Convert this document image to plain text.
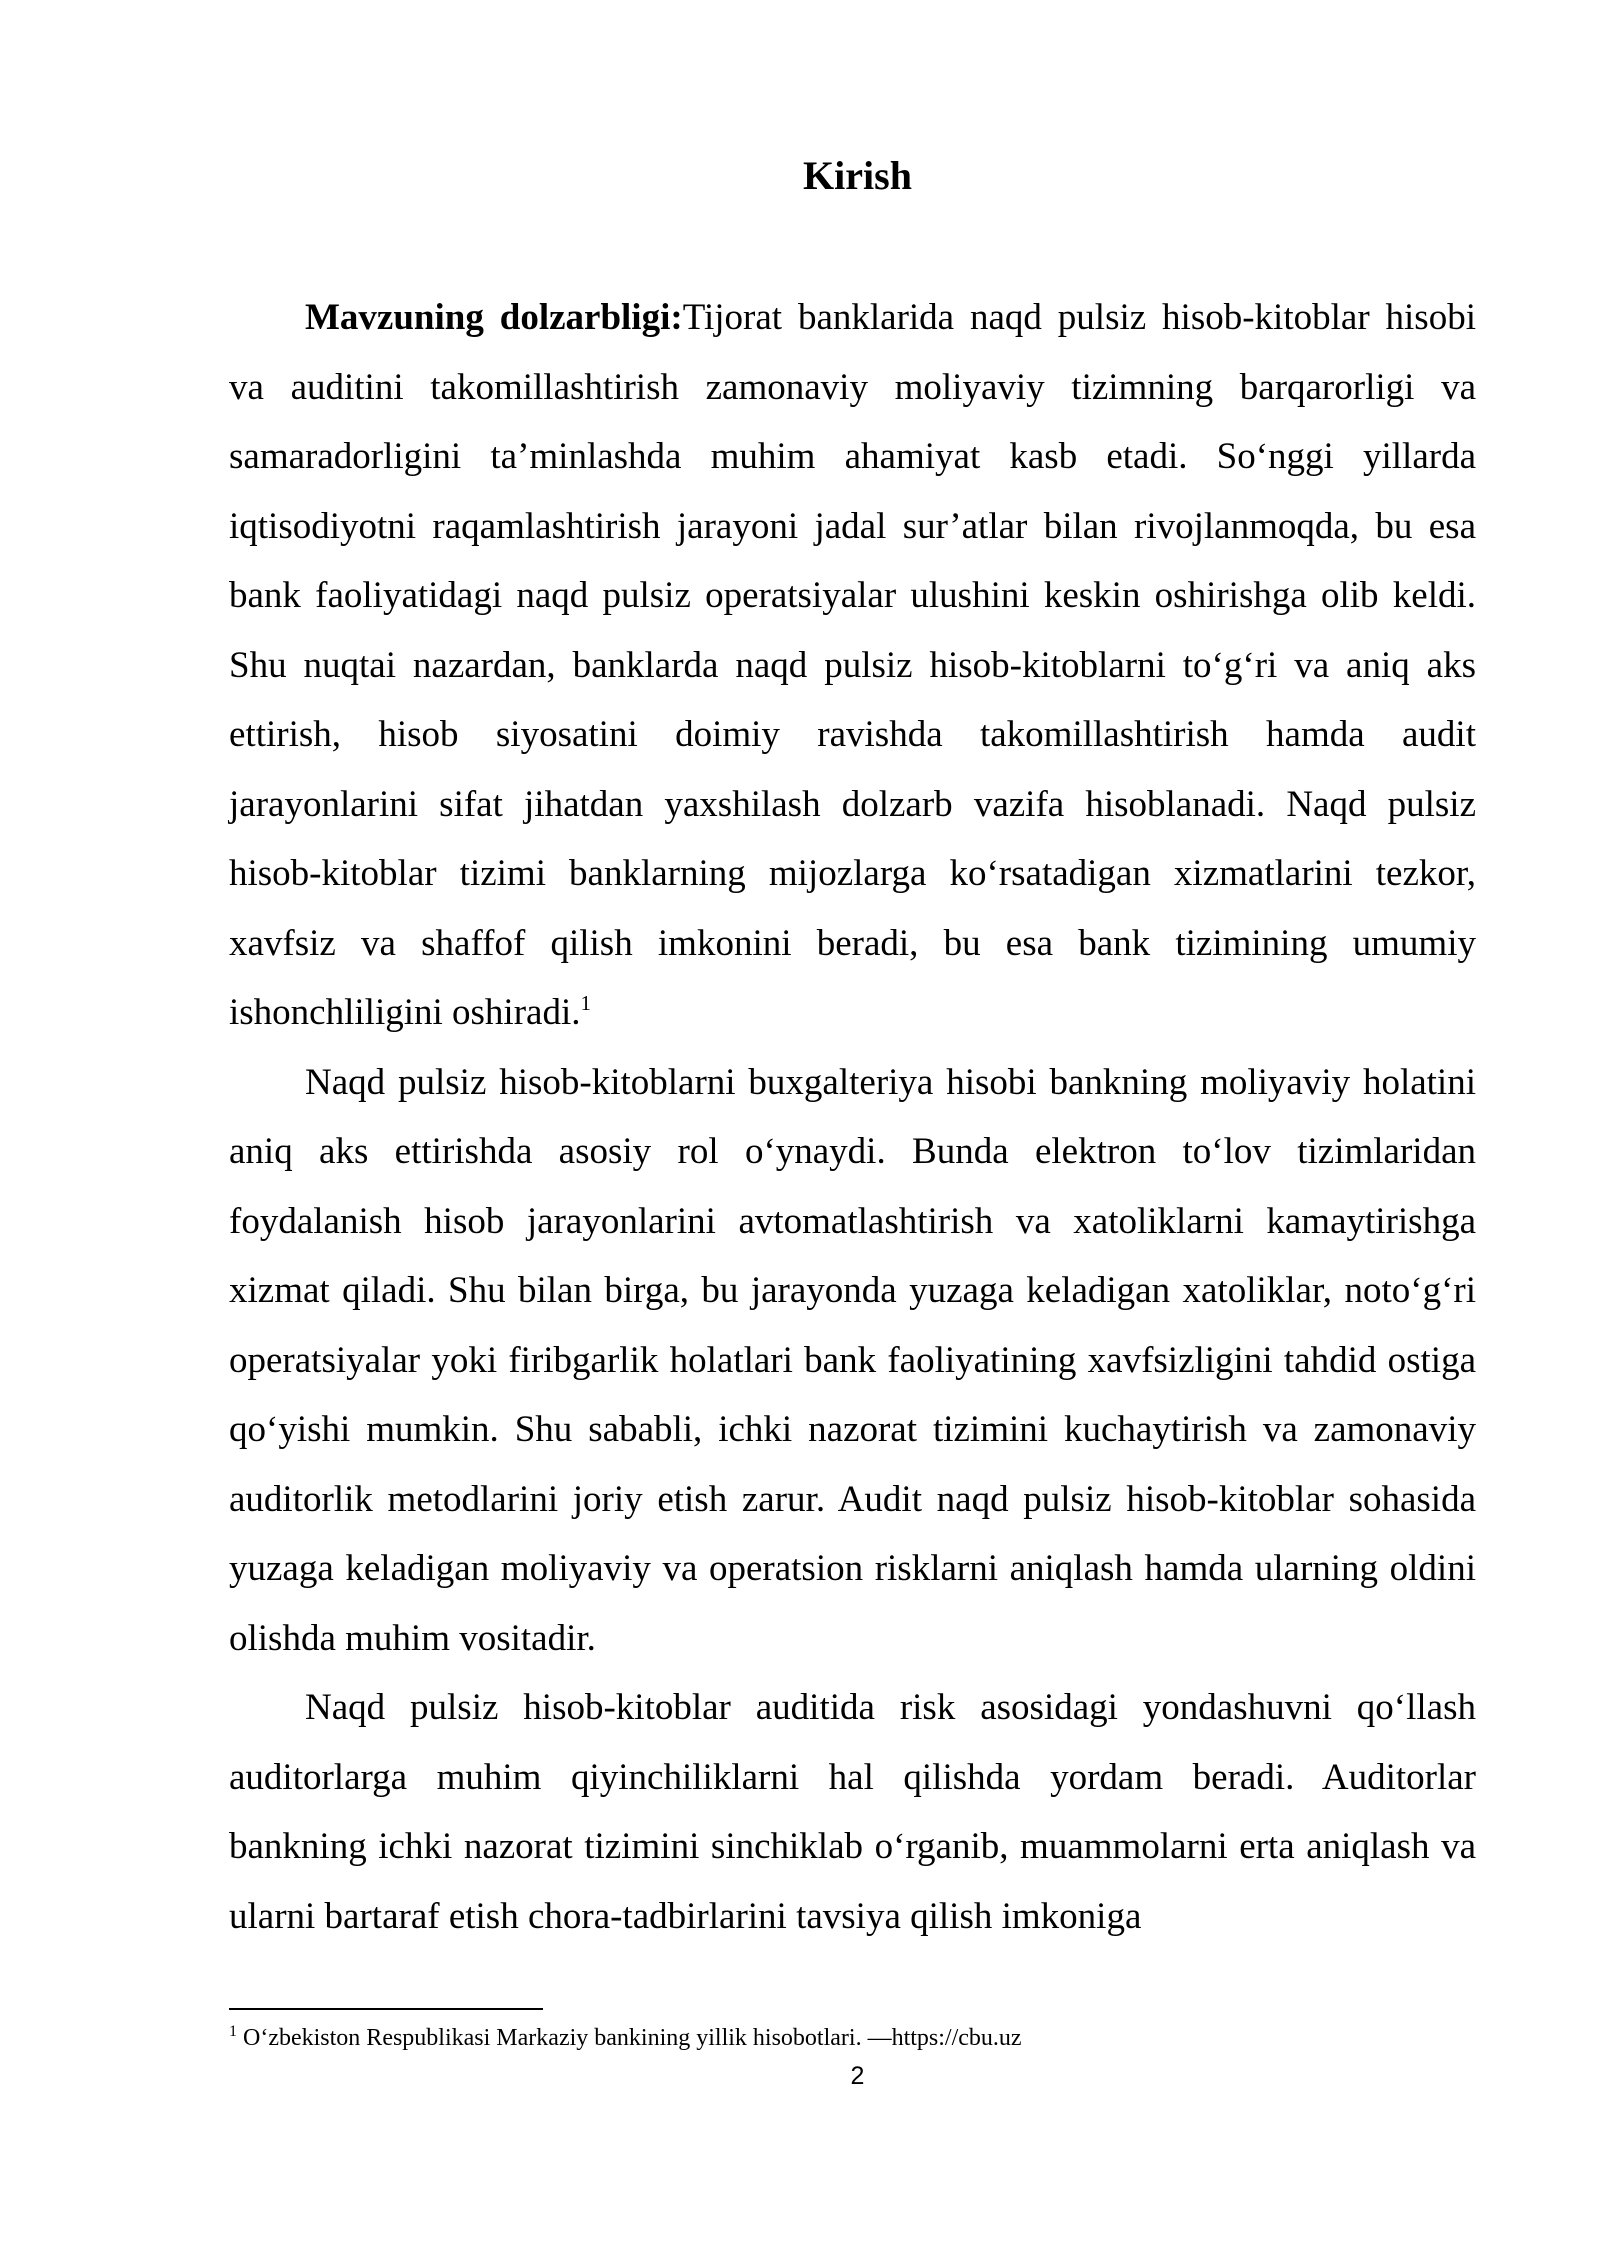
Kirish

Mavzuning dolzarbligi:Tijorat banklarida naqd pulsiz hisob-kitoblar hisobi va auditini takomillashtirish zamonaviy moliyaviy tizimning barqarorligi va samaradorligini ta’minlashda muhim ahamiyat kasb etadi. So‘nggi yillarda iqtisodiyotni raqamlashtirish jarayoni jadal sur’atlar bilan rivojlanmoqda, bu esa bank faoliyatidagi naqd pulsiz operatsiyalar ulushini keskin oshirishga olib keldi. Shu nuqtai nazardan, banklarda naqd pulsiz hisob-kitoblarni to‘g‘ri va aniq aks ettirish, hisob siyosatini doimiy ravishda takomillashtirish hamda audit jarayonlarini sifat jihatdan yaxshilash dolzarb vazifa hisoblanadi. Naqd pulsiz hisob-kitoblar tizimi banklarning mijozlarga ko‘rsatadigan xizmatlarini tezkor, xavfsiz va shaffof qilish imkonini beradi, bu esa bank tizimining umumiy ishonchliligini oshiradi.$^1$

Naqd pulsiz hisob-kitoblarni buxgalteriya hisobi bankning moliyaviy holatini aniq aks ettirishda asosiy rol o‘ynaydi. Bunda elektron to‘lov tizimlaridan foydalanish hisob jarayonlarini avtomatlashtirish va xatoliklarni kamaytirishga xizmat qiladi. Shu bilan birga, bu jarayonda yuzaga keladigan xatoliklar, noto‘g‘ri operatsiyalar yoki firibgarlik holatlari bank faoliyatining xavfsizligini tahdid ostiga qo‘yishi mumkin. Shu sababli, ichki nazorat tizimini kuchaytirish va zamonaviy auditorlik metodlarini joriy etish zarur. Audit naqd pulsiz hisob-kitoblar sohasida yuzaga keladigan moliyaviy va operatsion risklarni aniqlash hamda ularning oldini olishda muhim vositadir.

Naqd pulsiz hisob-kitoblar auditida risk asosidagi yondashuvni qo‘llash auditorlarga muhim qiyinchiliklarni hal qilishda yordam beradi. Auditorlar bankning ichki nazorat tizimini sinchiklab o‘rganib, muammolarni erta aniqlash va ularni bartaraf etish chora-tadbirlarini tavsiya qilish imkoniga

$^1$ O‘zbekiston Respublikasi Markaziy bankining yillik hisobotlari. —https://cbu.uz

2
